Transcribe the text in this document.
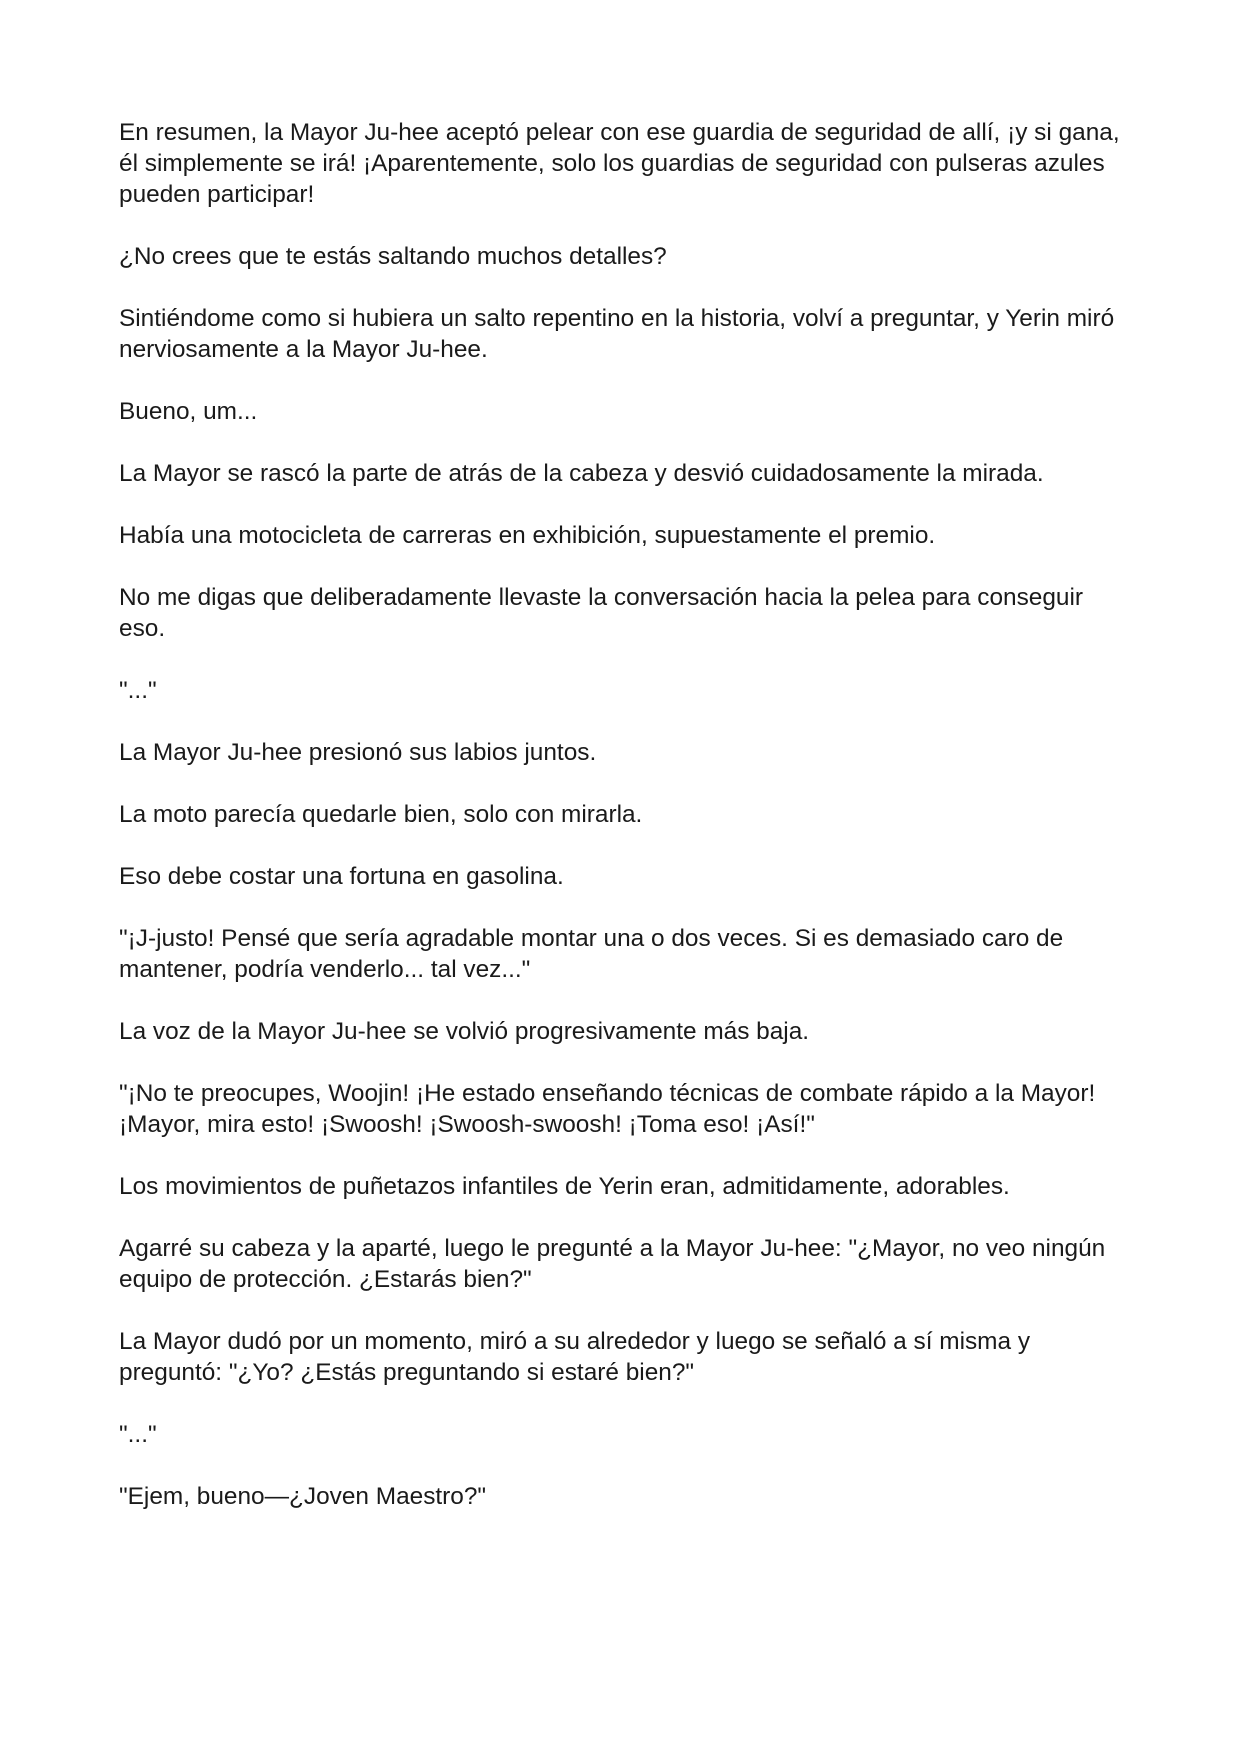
En resumen, la Mayor Ju-hee aceptó pelear con ese guardia de seguridad de allí, ¡y si gana, él simplemente se irá! ¡Aparentemente, solo los guardias de seguridad con pulseras azules pueden participar!

¿No crees que te estás saltando muchos detalles?

Sintiéndome como si hubiera un salto repentino en la historia, volví a preguntar, y Yerin miró nerviosamente a la Mayor Ju-hee.

Bueno, um...

La Mayor se rascó la parte de atrás de la cabeza y desvió cuidadosamente la mirada.

Había una motocicleta de carreras en exhibición, supuestamente el premio.

No me digas que deliberadamente llevaste la conversación hacia la pelea para conseguir eso.

"..."

La Mayor Ju-hee presionó sus labios juntos.

La moto parecía quedarle bien, solo con mirarla.

Eso debe costar una fortuna en gasolina.

"¡J-justo! Pensé que sería agradable montar una o dos veces. Si es demasiado caro de mantener, podría venderlo... tal vez..."

La voz de la Mayor Ju-hee se volvió progresivamente más baja.

"¡No te preocupes, Woojin! ¡He estado enseñando técnicas de combate rápido a la Mayor! ¡Mayor, mira esto! ¡Swoosh! ¡Swoosh-swoosh! ¡Toma eso! ¡Así!"

Los movimientos de puñetazos infantiles de Yerin eran, admitidamente, adorables.

Agarré su cabeza y la aparté, luego le pregunté a la Mayor Ju-hee: "¿Mayor, no veo ningún equipo de protección. ¿Estarás bien?"

La Mayor dudó por un momento, miró a su alrededor y luego se señaló a sí misma y preguntó: "¿Yo? ¿Estás preguntando si estaré bien?"

"..."

"Ejem, bueno—¿Joven Maestro?"
